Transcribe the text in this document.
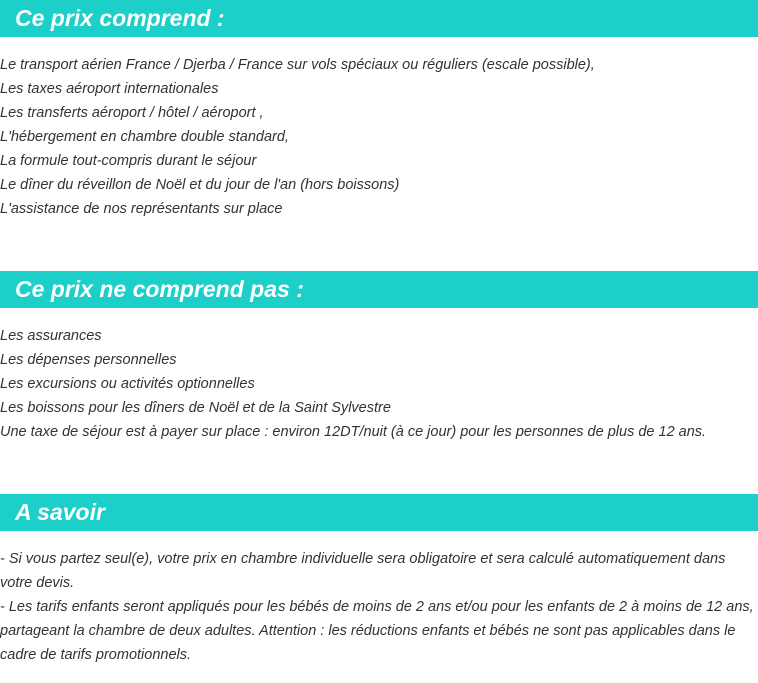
Ce prix comprend :
Le transport aérien France / Djerba / France sur vols spéciaux ou réguliers (escale possible),
Les taxes aéroport internationales
Les transferts aéroport / hôtel / aéroport ,
L'hébergement en chambre double standard,
La formule tout-compris durant le séjour
Le dîner du réveillon de Noël et du jour de l'an (hors boissons)
L'assistance de nos représentants sur place
Ce prix ne comprend pas :
Les assurances
Les dépenses personnelles
Les excursions ou activités optionnelles
Les boissons pour les dîners de Noël et de la Saint Sylvestre
Une taxe de séjour est à payer sur place : environ 12DT/nuit (à ce jour) pour les personnes de plus de 12 ans.
A savoir

- Si vous partez seul(e), votre prix en chambre individuelle sera obligatoire et sera calculé automatiquement dans votre devis.

- Les tarifs enfants seront appliqués pour les bébés de moins de 2 ans et/ou pour les enfants de 2 à moins de 12 ans, partageant la chambre de deux adultes. Attention : les réductions enfants et bébés ne sont pas applicables dans le cadre de tarifs promotionnels.
